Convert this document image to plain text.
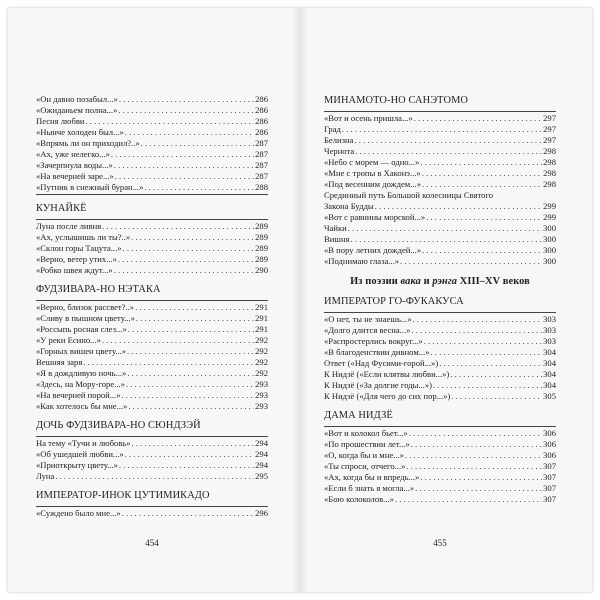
«Он давно позабыл...» . . .	286
«Ожиданьем полна...» . . .	286
Песня любви . . .	286
«Нынче холоден был...» . . .	286
«Впрямь ли он приходил?..» . . .	287
«Ах, уже нелегко...» . . .	287
«Зачерпнула воды...» . . .	287
«На вечерней заре...» . . .	287
«Путник в снежный буран...» . . .	288
КУНАЙКЁ
Луна после ливня . . .	289
«Ах, услышишь ли ты?..» . . .	289
«Склон горы Тацута...» . . .	289
«Верно, ветер утих...» . . .	289
«Робко швея ждут...» . . .	290
ФУДЗИВАРА-НО НЭТАКА
«Верно, близок рассвет?..» . . .	291
«Сливу в пышном цвету...» . . .	291
«Россыпь росная слез...» . . .	291
«У реки Есино...» . . .	292
«Горных вишен цвету...» . . .	292
Вешняя заря . . .	292
«Я в дождливую ночь...» . . .	292
«Здесь, на Мору-горе...» . . .	293
«На вечерней порой...» . . .	293
«Как хотелось бы мне...» . . .	293
ДОЧЬ ФУДЗИВАРА-НО СЮНДЗЭЙ
На тему «Тучи и любовь» . . .	294
«Об ушедшей любви...» . . .	294
«Приоткрыту цвету...» . . .	294
Луна . . .	295
ИМПЕРАТОР-ИНОК ЦУТИМИКАДО
«Суждено было мне...» . . .	296
МИНАМОТО-НО САНЭТОМО
«Вот и осень пришла...» . . .	297
Град . . .	297
Белизна . . .	297
Чернота . . .	298
«Небо с морем — одно...» . . .	298
«Мне с тропы в Хаконэ...» . . .	298
«Под весенним дождем...» . . .	298
Срединный путь Большой колесницы Святого
Закона Будды . . .	299
«Вот с равнины морской...» . . .	299
Чайки . . .	300
Вишня . . .	300
«В пору летних дождей...» . . .	300
«Поднимаю глаза...» . . .	300
Из поэзии вака и рэнга XIII–XV веков
ИМПЕРАТОР ГО-ФУКАКУСА
«О нет, ты не знаешь...» . . .	303
«Долго длится весна...» . . .	303
«Распростерлись вокруг...» . . .	303
«В благоденствии дивном...» . . .	304
Ответ («Над Фусими-горой...») . . .	304
К Нидзё («Если клятвы любви...») . . .	304
К Нидзё («За долгие годы...») . . .	304
К Нидзё («Для чего до сих пор...») . . .	305
ДАМА НИДЗЁ
«Вот и колокол бьет...» . . .	306
«По прошествии лет...» . . .	306
«О, когда бы и мне...» . . .	306
«Ты спроси, отчего...» . . .	307
«Ах, когда бы и впредь...» . . .	307
«Если б знать я могла...» . . .	307
«Бою колоколов...» . . .	307
454	455
